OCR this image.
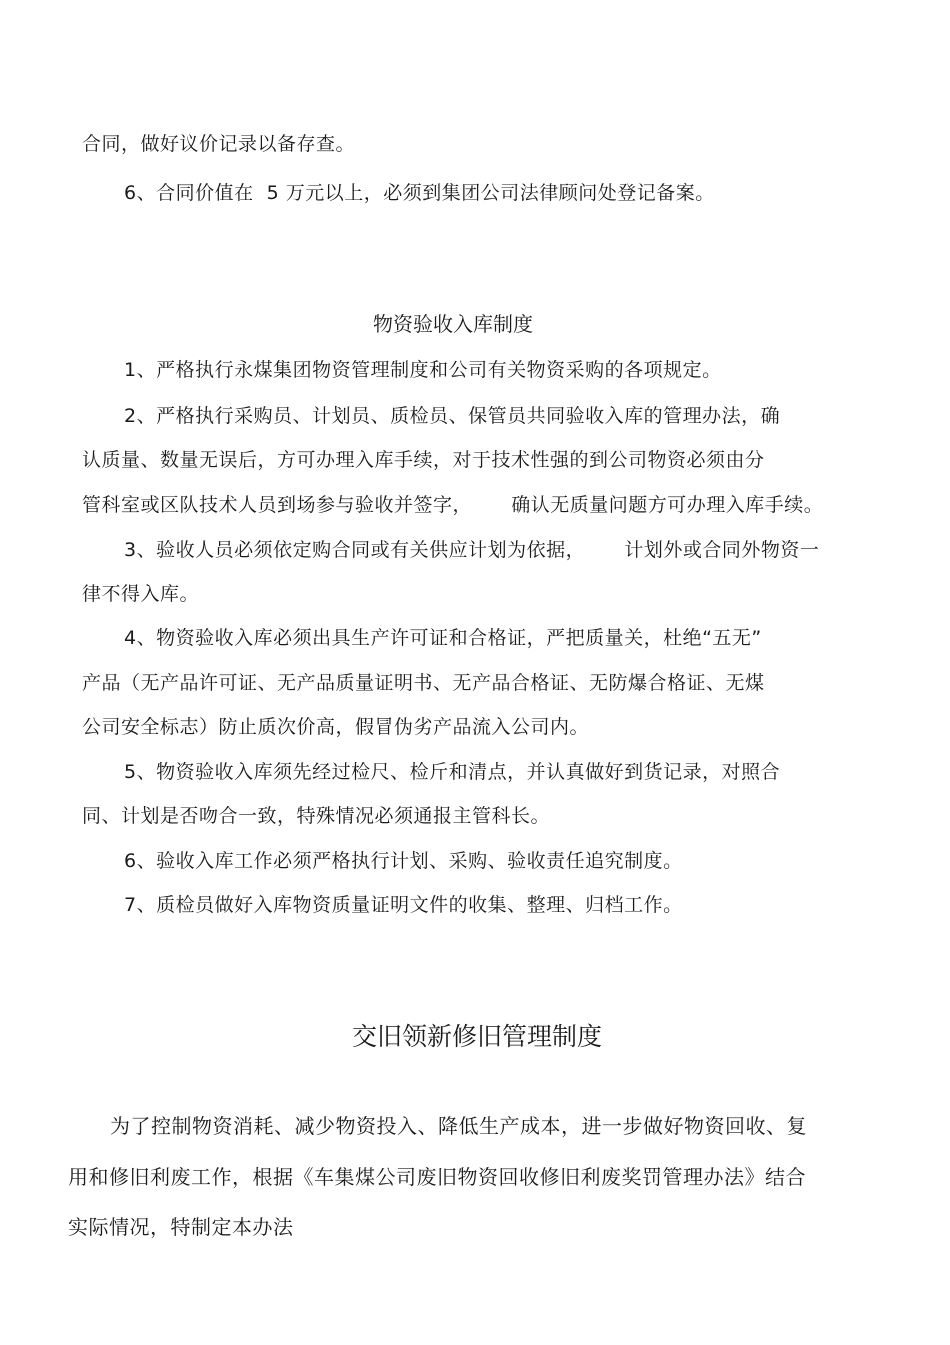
合同，做好议价记录以备存查。
6、合同价值在  5 万元以上，必须到集团公司法律顾问处登记备案。
物资验收入库制度
1、严格执行永煤集团物资管理制度和公司有关物资采购的各项规定。
2、严格执行采购员、计划员、质检员、保管员共同验收入库的管理办法，确
认质量、数量无误后，方可办理入库手续，对于技术性强的到公司物资必须由分
管科室或区队技术人员到场参与验收并签字，      确认无质量问题方可办理入库手续。
3、验收人员必须依定购合同或有关供应计划为依据，      计划外或合同外物资一
律不得入库。
4、物资验收入库必须出具生产许可证和合格证，严把质量关，杜绝“五无”
产品（无产品许可证、无产品质量证明书、无产品合格证、无防爆合格证、无煤
公司安全标志）防止质次价高，假冒伪劣产品流入公司内。
5、物资验收入库须先经过检尺、检斤和清点，并认真做好到货记录，对照合
同、计划是否吻合一致，特殊情况必须通报主管科长。
6、验收入库工作必须严格执行计划、采购、验收责任追究制度。
7、质检员做好入库物资质量证明文件的收集、整理、归档工作。
交旧领新修旧管理制度
为了控制物资消耗、减少物资投入、降低生产成本，进一步做好物资回收、复
用和修旧利废工作，根据《车集煤公司废旧物资回收修旧利废奖罚管理办法》结合
实际情况，特制定本办法
